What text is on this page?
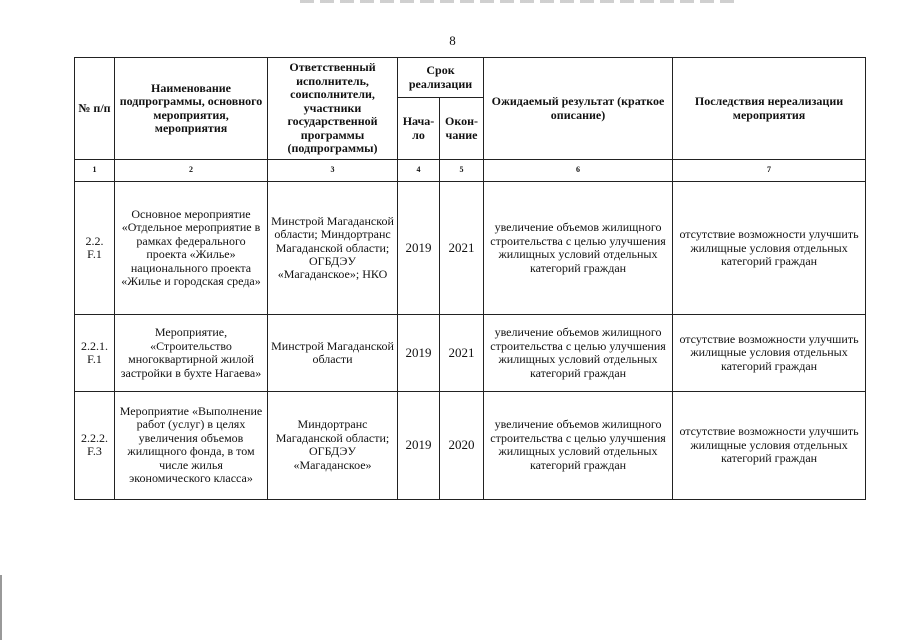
8
№ п/п	Наименование подпрограммы, основного мероприятия, мероприятия	Ответственный исполнитель, соисполнители, участники государственной программы (подпрограммы)	Срок реализации		Ожидаемый результат (краткое описание)	Последствия нереализации мероприятия
			Нача-ло	Окон-чание		
1	2	3	4	5	6	7
2.2. F.1	Основное мероприятие «Отдельное мероприятие в рамках федерального проекта «Жилье» национального проекта «Жилье и городская среда»	Минстрой Магаданской области; Миндортранс Магаданской области; ОГБДЭУ «Магаданское»; НКО	2019	2021	увеличение объемов жилищного строительства с целью улучшения жилищных условий отдельных категорий граждан	отсутствие возможности улучшить жилищные условия отдельных категорий граждан
2.2.1. F.1	Мероприятие, «Строительство многоквартирной жилой застройки в бухте Нагаева»	Минстрой Магаданской области	2019	2021	увеличение объемов жилищного строительства с целью улучшения жилищных условий отдельных категорий граждан	отсутствие возможности улучшить жилищные условия отдельных категорий граждан
2.2.2. F.3	Мероприятие «Выполнение работ (услуг) в целях увеличения объемов жилищного фонда, в том числе жилья экономического класса»	Миндортранс Магаданской области; ОГБДЭУ «Магаданское»	2019	2020	увеличение объемов жилищного строительства с целью улучшения жилищных условий отдельных категорий граждан	отсутствие возможности улучшить жилищные условия отдельных категорий граждан
